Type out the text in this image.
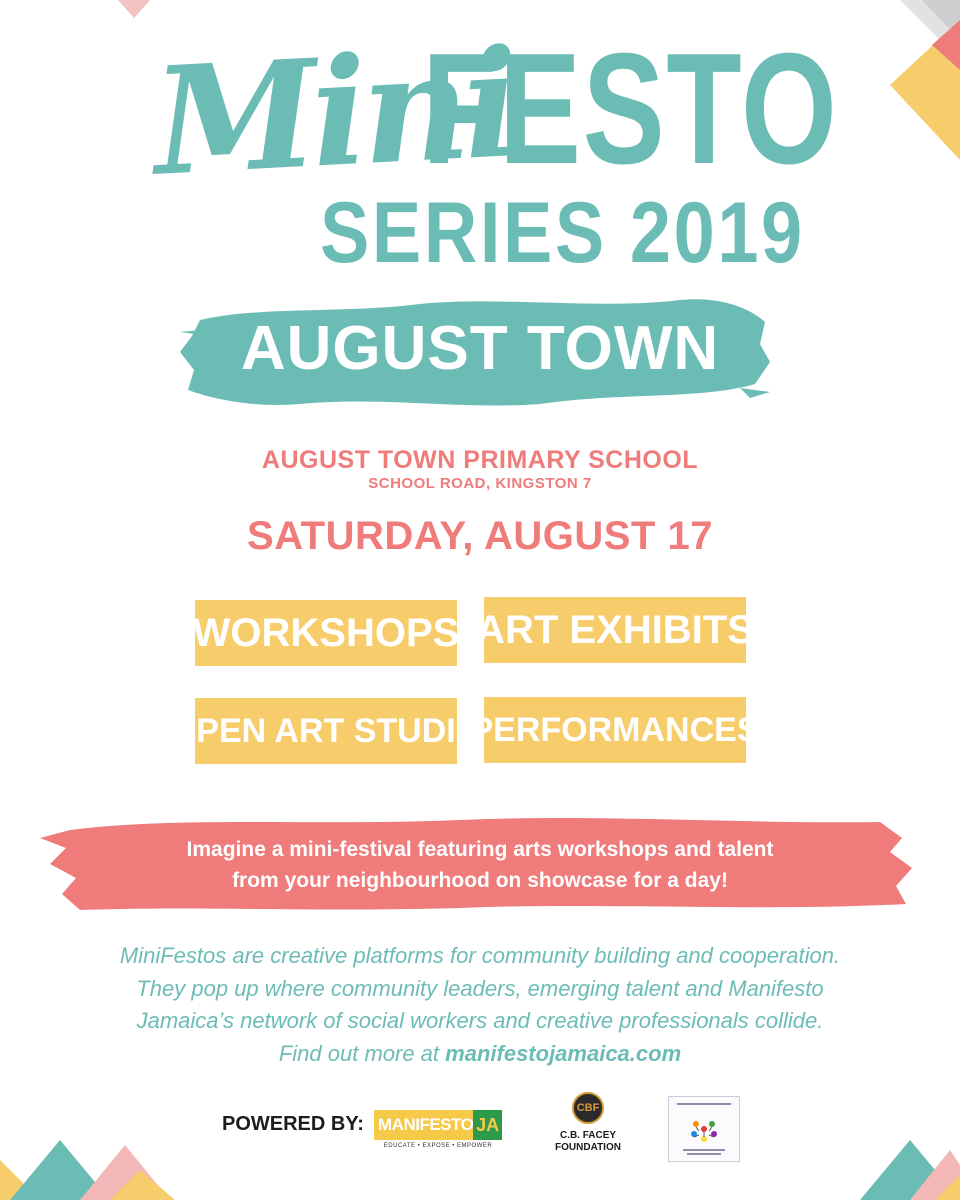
Mini
FESTO
SERIES 2019
AUGUST TOWN
AUGUST TOWN PRIMARY SCHOOL
SCHOOL ROAD, KINGSTON 7
SATURDAY, AUGUST 17
WORKSHOPS ART EXHIBITS
OPEN ART STUDIO
PERFORMANCES
Imagine a mini-festival featuring arts workshops and talent
from your neighbourhood on showcase for a day!
MiniFestos are creative platforms for community building and cooperation.
They pop up where community leaders, emerging talent and Manifesto
Jamaica’s network of social workers and creative professionals collide.
Find out more at manifestojamaica.com
POWERED BY: MANIFESTO JA
EDUCATE • EXPOSE • EMPOWER
CBF
C.B. FACEY
FOUNDATION
